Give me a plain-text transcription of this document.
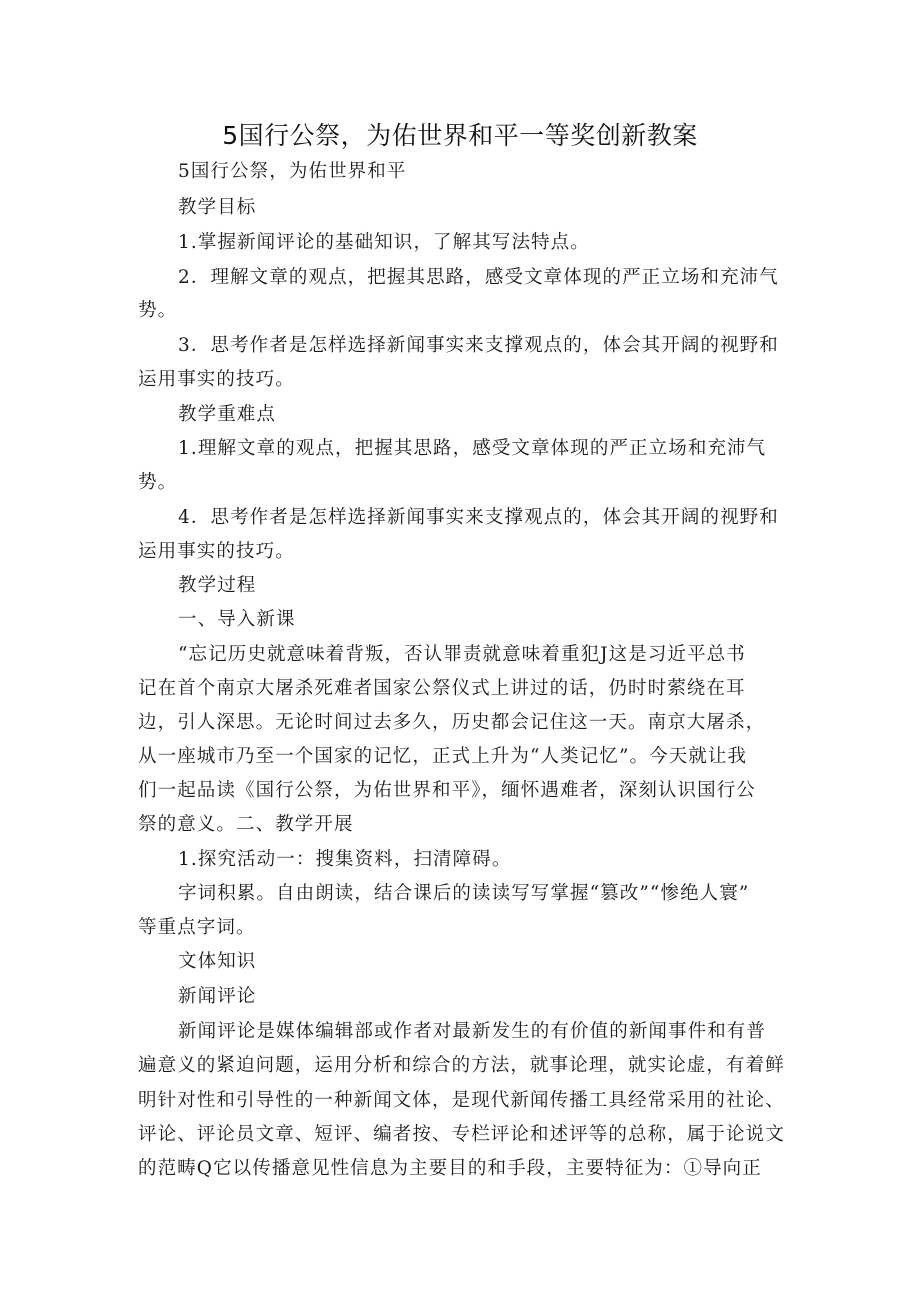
5国行公祭，为佑世界和平一等奖创新教案
5国行公祭，为佑世界和平
教学目标
1.掌握新闻评论的基础知识，了解其写法特点。
2．理解文章的观点，把握其思路，感受文章体现的严正立场和充沛气
势。
3．思考作者是怎样选择新闻事实来支撑观点的，体会其开阔的视野和
运用事实的技巧。
教学重难点
1.理解文章的观点，把握其思路，感受文章体现的严正立场和充沛气
势。
4．思考作者是怎样选择新闻事实来支撑观点的，体会其开阔的视野和
运用事实的技巧。
教学过程
一、导入新课
“忘记历史就意味着背叛，否认罪责就意味着重犯J这是习近平总书
记在首个南京大屠杀死难者国家公祭仪式上讲过的话，仍时时萦绕在耳
边，引人深思。无论时间过去多久，历史都会记住这一天。南京大屠杀，
从一座城市乃至一个国家的记忆，正式上升为“人类记忆”。今天就让我
们一起品读《国行公祭，为佑世界和平》，缅怀遇难者，深刻认识国行公
祭的意义。二、教学开展
1.探究活动一：搜集资料，扫清障碍。
字词积累。自由朗读，结合课后的读读写写掌握“篡改”“惨绝人寰”
等重点字词。
文体知识
新闻评论
新闻评论是媒体编辑部或作者对最新发生的有价值的新闻事件和有普
遍意义的紧迫问题，运用分析和综合的方法，就事论理，就实论虚，有着鲜
明针对性和引导性的一种新闻文体，是现代新闻传播工具经常采用的社论、
评论、评论员文章、短评、编者按、专栏评论和述评等的总称，属于论说文
的范畴Q它以传播意见性信息为主要目的和手段，主要特征为：①导向正
